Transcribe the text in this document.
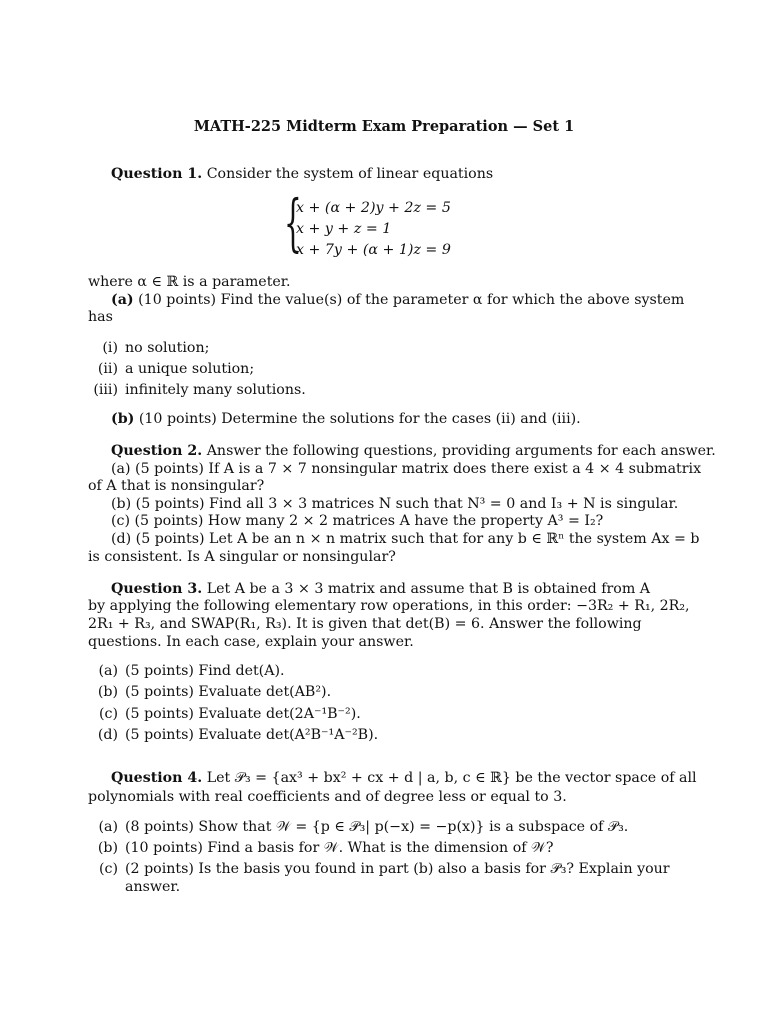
MATH-225 Midterm Exam Preparation — Set 1
Question 1. Consider the system of linear equations
{
x + (α + 2)y + 2z = 5
x + y + z = 1
x + 7y + (α + 1)z = 9
where α ∈ ℝ is a parameter.
(a) (10 points) Find the value(s) of the parameter α for which the above system
has
(i) no solution;
(ii) a unique solution;
(iii) infinitely many solutions.
(b) (10 points) Determine the solutions for the cases (ii) and (iii).
Question 2. Answer the following questions, providing arguments for each answer.
(a) (5 points) If A is a 7 × 7 nonsingular matrix does there exist a 4 × 4 submatrix
of A that is nonsingular?
(b) (5 points) Find all 3 × 3 matrices N such that N³ = 0 and I₃ + N is singular.
(c) (5 points) How many 2 × 2 matrices A have the property A³ = I₂?
(d) (5 points) Let A be an n × n matrix such that for any b ∈ ℝⁿ the system Ax = b
is consistent. Is A singular or nonsingular?
Question 3. Let A be a 3 × 3 matrix and assume that B is obtained from A
by applying the following elementary row operations, in this order: −3R₂ + R₁, 2R₂,
2R₁ + R₃, and SWAP(R₁, R₃). It is given that det(B) = 6. Answer the following
questions. In each case, explain your answer.
(a) (5 points) Find det(A).
(b) (5 points) Evaluate det(AB²).
(c) (5 points) Evaluate det(2A⁻¹B⁻²).
(d) (5 points) Evaluate det(A²B⁻¹A⁻²B).
Question 4. Let 𝒫₃ = {ax³ + bx² + cx + d | a, b, c ∈ ℝ} be the vector space of all
polynomials with real coefficients and of degree less or equal to 3.
(a) (8 points) Show that 𝒲 = {p ∈ 𝒫₃| p(−x) = −p(x)} is a subspace of 𝒫₃.
(b) (10 points) Find a basis for 𝒲. What is the dimension of 𝒲?
(c) (2 points) Is the basis you found in part (b) also a basis for 𝒫₃? Explain your
answer.
